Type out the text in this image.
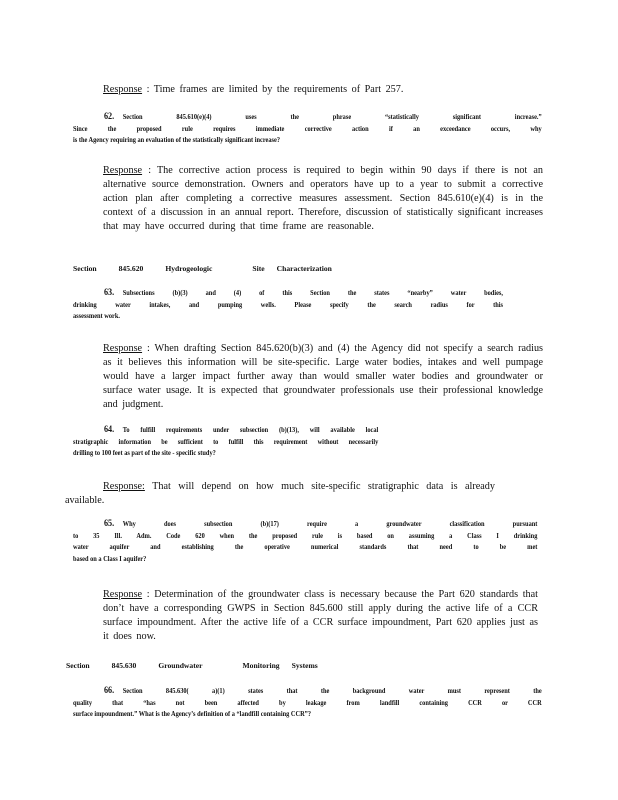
Response : Time frames are limited by the requirements of Part 257.
62. Section 845.610(e)(4) uses the phrase “statistically significant increase.”
Since the proposed rule requires immediate corrective action if an exceedance occurs, why
is the Agency requiring an evaluation of the statistically significant increase?
Response : The corrective action process is required to begin within 90 days if there is not an alternative source demonstration. Owners and operators have up to a year to submit a corrective action plan after completing a corrective measures assessment. Section 845.610(e)(4) is in the context of a discussion in an annual report. Therefore, discussion of statistically significant increases that may have occurred during that time frame are reasonable.
Section	845.620	Hydrogeologic	Site Characterization
63. Subsections (b)(3) and (4) of this Section the states “nearby” water bodies,
drinking water intakes, and pumping wells. Please specify the search radius for this
assessment work.
Response : When drafting Section 845.620(b)(3) and (4) the Agency did not specify a search radius as it believes this information will be site-specific. Large water bodies, intakes and well pumpage would have a larger impact further away than would smaller water bodies and groundwater or surface water usage. It is expected that groundwater professionals use their professional knowledge and judgment.
64. To fulfill requirements under subsection (b)(13), will available local
stratigraphic information be sufficient to fulfill this requirement without necessarily
drilling to 100 feet as part of the site - specific study?
Response: That will depend on how much site-specific stratigraphic data is already available.
65. Why does subsection (b)(17) require a groundwater classification pursuant
to 35 Ill. Adm. Code 620 when the proposed rule is based on assuming a Class I drinking
water aquifer and establishing the operative numerical standards that need to be met
based on a Class I aquifer?
Response : Determination of the groundwater class is necessary because the Part 620 standards that don’t have a corresponding GWPS in Section 845.600 still apply during the active life of a CCR surface impoundment. After the active life of a CCR surface impoundment, Part 620 applies just as it does now.
Section	845.630	Groundwater	Monitoring Systems
66. Section 845.630( a)(1) states that the background water must represent the
quality that “has not been affected by leakage from landfill containing CCR or CCR
surface impoundment.” What is the Agency’s definition of a “landfill containing CCR”?
